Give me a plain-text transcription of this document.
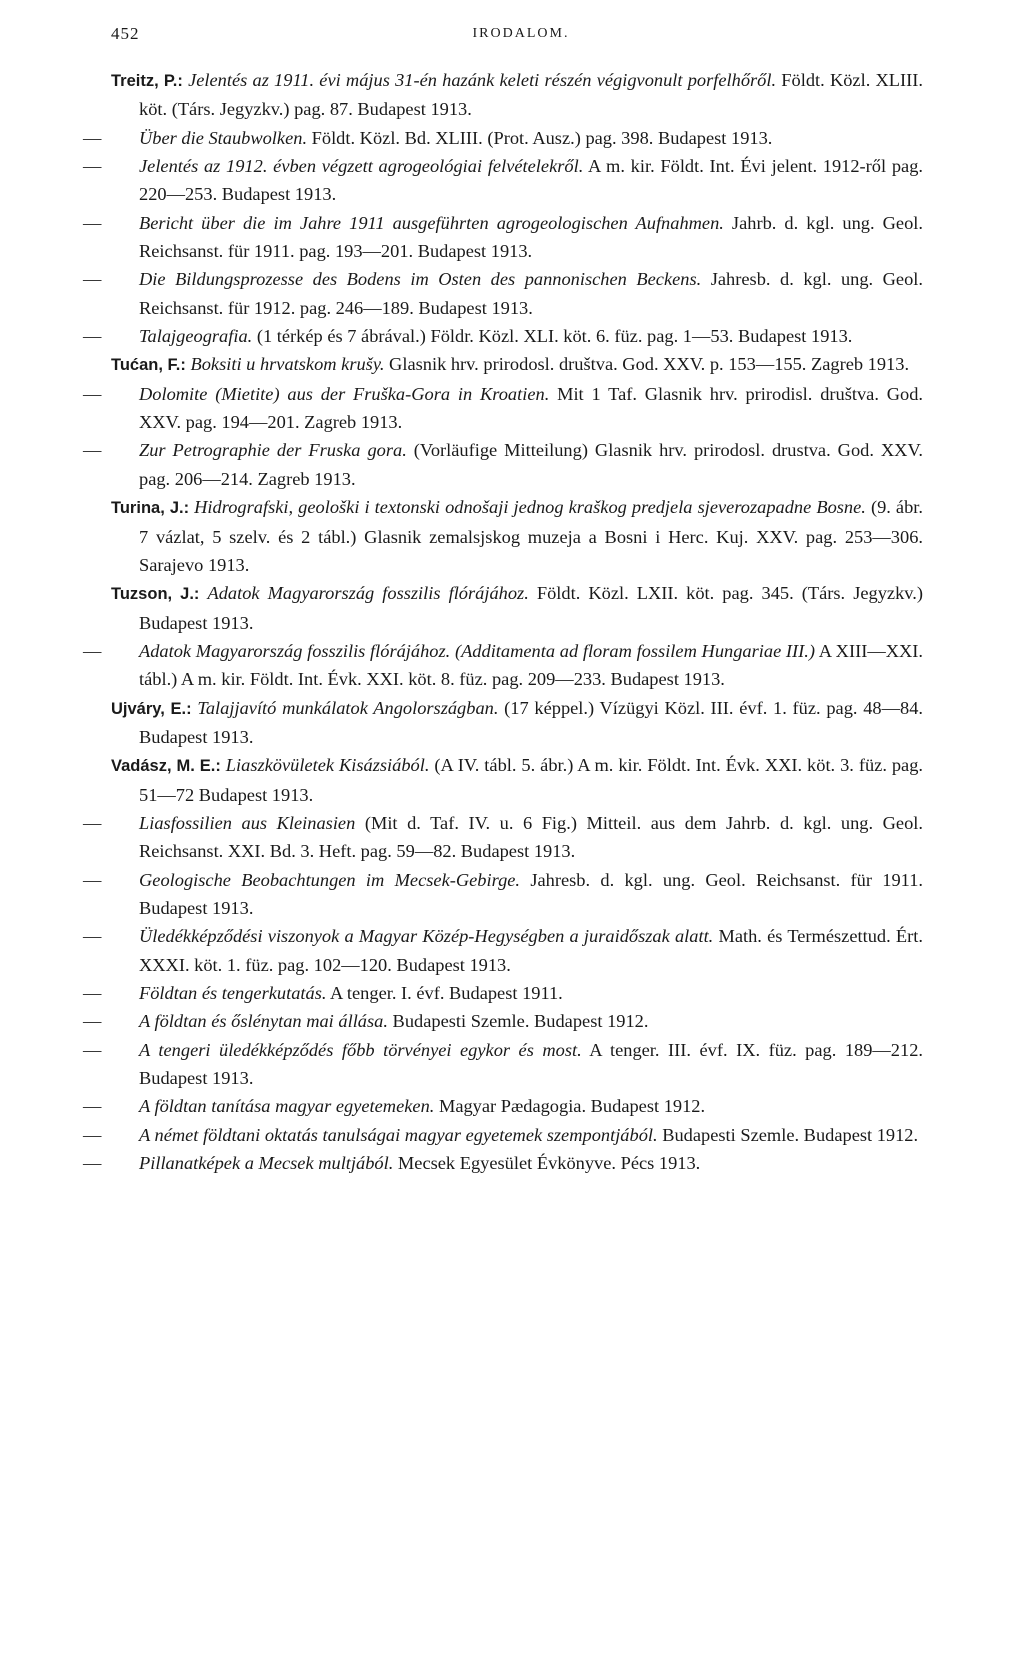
452	IRODALOM.

Treitz, P.: Jelentés az 1911. évi május 31-én hazánk keleti részén végigvonult porfelhőről. Földt. Közl. XLIII. köt. (Társ. Jegyzkv.) pag. 87. Budapest 1913.

— Über die Staubwolken. Földt. Közl. Bd. XLIII. (Prot. Ausz.) pag. 398. Budapest 1913.

— Jelentés az 1912. évben végzett agrogeológiai felvételekről. A m. kir. Földt. Int. Évi jelent. 1912-ről pag. 220—253. Budapest 1913.

— Bericht über die im Jahre 1911 ausgeführten agrogeologischen Aufnahmen. Jahrb. d. kgl. ung. Geol. Reichsanst. für 1911. pag. 193—201. Budapest 1913.

— Die Bildungsprozesse des Bodens im Osten des pannonischen Beckens. Jahresb. d. kgl. ung. Geol. Reichsanst. für 1912. pag. 246—189. Budapest 1913.

— Talajgeografia. (1 térkép és 7 ábrával.) Földr. Közl. XLI. köt. 6. füz. pag. 1—53. Budapest 1913.

Tućan, F.: Boksiti u hrvatskom krušу. Glasnik hrv. prirodosl. društva. God. XXV. p. 153—155. Zagreb 1913.

— Dolomite (Mietite) aus der Fruška-Gora in Kroatien. Mit 1 Taf. Glasnik hrv. prirodisl. društva. God. XXV. pag. 194—201. Zagreb 1913.

— Zur Petrographie der Fruska gora. (Vorläufige Mitteilung) Glasnik hrv. prirodosl. drustva. God. XXV. pag. 206—214. Zagreb 1913.

Turina, J.: Hidrografski, geološki i textonski odnošaji jednog kraškog predjela sjeverozapadne Bosne. (9. ábr. 7 vázlat, 5 szelv. és 2 tábl.) Glasnik zemalsjskog muzeja a Bosni i Herc. Kuj. XXV. pag. 253—306. Sarajevo 1913.

Tuzson, J.: Adatok Magyarország fosszilis flórájához. Földt. Közl. LXII. köt. pag. 345. (Társ. Jegyzkv.) Budapest 1913.

— Adatok Magyarország fosszilis flórájához. (Additamenta ad floram fossilem Hungariae III.) A XIII—XXI. tábl.) A m. kir. Földt. Int. Évk. XXI. köt. 8. füz. pag. 209—233. Budapest 1913.

Ujváry, E.: Talajjavító munkálatok Angolországban. (17 képpel.) Vízügyi Közl. III. évf. 1. füz. pag. 48—84. Budapest 1913.

Vadász, M. E.: Liaszkövületek Kisázsiából. (A IV. tábl. 5. ábr.) A m. kir. Földt. Int. Évk. XXI. köt. 3. füz. pag. 51—72 Budapest 1913.

— Liasfossilien aus Kleinasien (Mit d. Taf. IV. u. 6 Fig.) Mitteil. aus dem Jahrb. d. kgl. ung. Geol. Reichsanst. XXI. Bd. 3. Heft. pag. 59—82. Budapest 1913.

— Geologische Beobachtungen im Mecsek-Gebirge. Jahresb. d. kgl. ung. Geol. Reichsanst. für 1911. Budapest 1913.

— Üledékképződési viszonyok a Magyar Közép-Hegységben a juraidőszak alatt. Math. és Természettud. Ért. XXXI. köt. 1. füz. pag. 102—120. Budapest 1913.

— Földtan és tengerkutatás. A tenger. I. évf. Budapest 1911.

— A földtan és őslénytan mai állása. Budapesti Szemle. Budapest 1912.

— A tengeri üledékképződés főbb törvényei egykor és most. A tenger. III. évf. IX. füz. pag. 189—212. Budapest 1913.

— A földtan tanítása magyar egyetemeken. Magyar Pædagogia. Budapest 1912.

— A német földtani oktatás tanulságai magyar egyetemek szempontjából. Budapesti Szemle. Budapest 1912.

— Pillanatképek a Mecsek multjából. Mecsek Egyesület Évkönyve. Pécs 1913.
